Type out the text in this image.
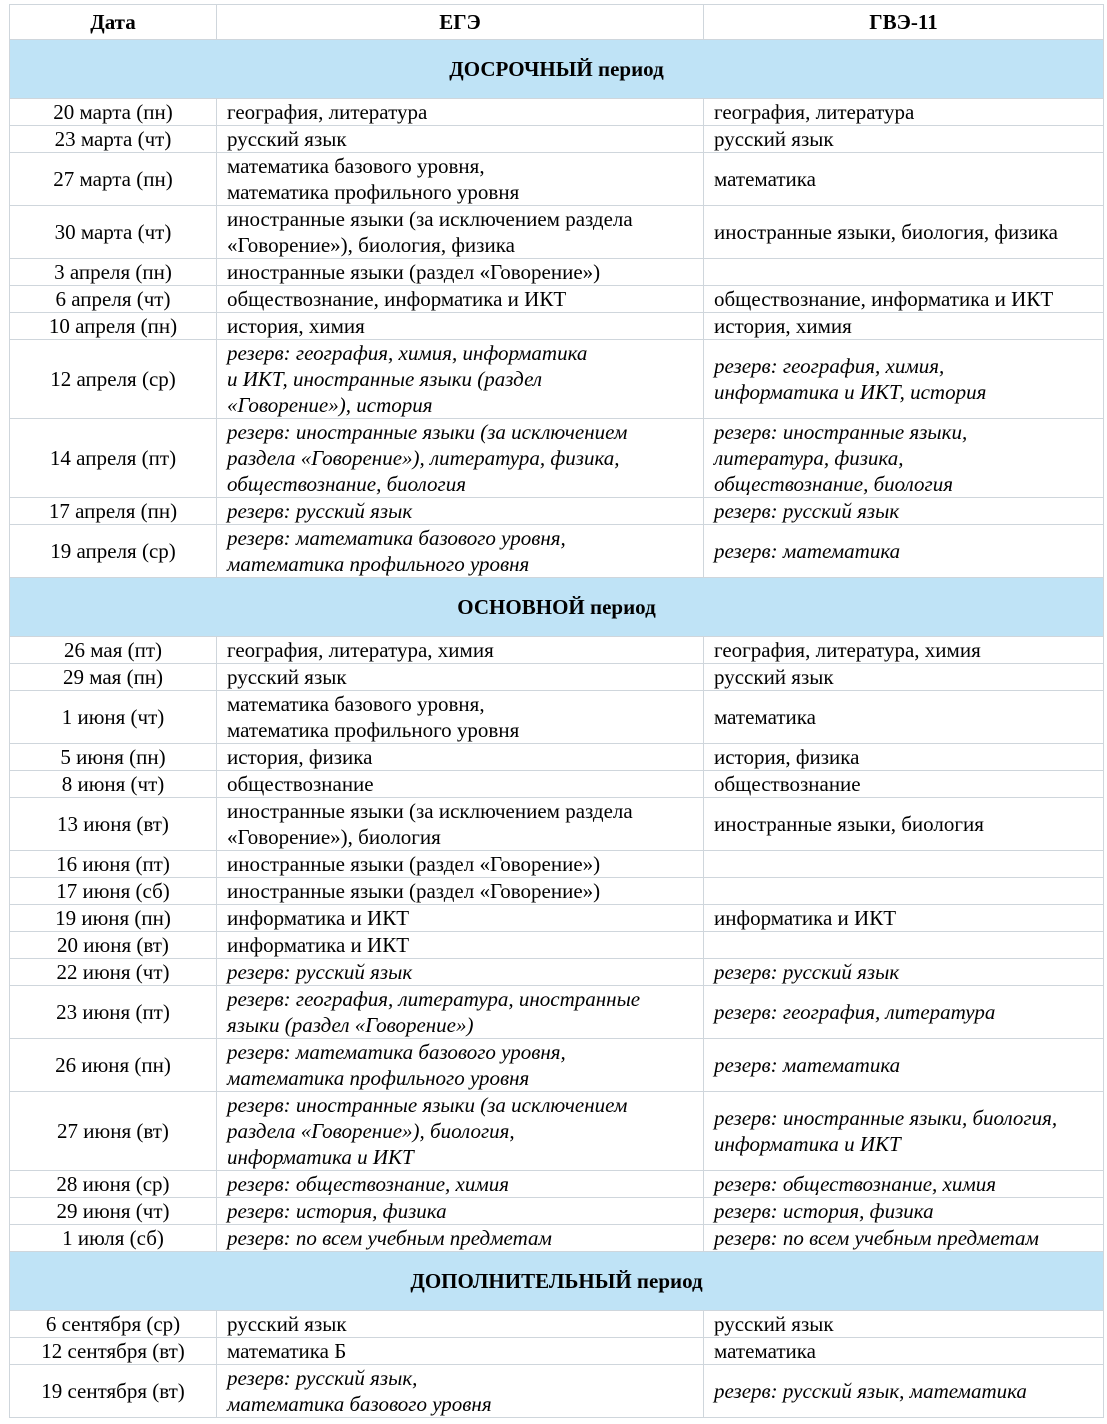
Дата	ЕГЭ	ГВЭ-11
ДОСРОЧНЫЙ период		
20 марта (пн)	география, литература	география, литература

23 марта (чт)	русский язык	русский язык

27 марта (пн)	математика базового уровня,
математика профильного уровня	математика

30 марта (чт)	иностранные языки (за исключением раздела
«Говорение»), биология, физика	иностранные языки, биология, физика

3 апреля (пн)	иностранные языки (раздел «Говорение»)	

6 апреля (чт)	обществознание, информатика и ИКТ	обществознание, информатика и ИКТ

10 апреля (пн)	история, химия	история, химия

12 апреля (ср)	резерв: география, химия, информатика
и ИКТ, иностранные языки (раздел
«Говорение»), история	резерв: география, химия,
информатика и ИКТ, история

14 апреля (пт)	резерв: иностранные языки (за исключением
раздела «Говорение»), литература, физика,
обществознание, биология	резерв: иностранные языки,
литература, физика,
обществознание, биология

17 апреля (пн)	резерв: русский язык	резерв: русский язык

19 апреля (ср)	резерв: математика базового уровня,
математика профильного уровня	резерв: математика

ОСНОВНОЙ период		
26 мая (пт)	география, литература, химия	география, литература, химия

29 мая (пн)	русский язык	русский язык

1 июня (чт)	математика базового уровня,
математика профильного уровня	математика

5 июня (пн)	история, физика	история, физика

8 июня (чт)	обществознание	обществознание

13 июня (вт)	иностранные языки (за исключением раздела
«Говорение»), биология	иностранные языки, биология

16 июня (пт)	иностранные языки (раздел «Говорение»)	

17 июня (сб)	иностранные языки (раздел «Говорение»)	

19 июня (пн)	информатика и ИКТ	информатика и ИКТ

20 июня (вт)	информатика и ИКТ	

22 июня (чт)	резерв: русский язык	резерв: русский язык

23 июня (пт)	резерв: география, литература, иностранные
языки (раздел «Говорение»)	резерв: география, литература

26 июня (пн)	резерв: математика базового уровня,
математика профильного уровня	резерв: математика

27 июня (вт)	резерв: иностранные языки (за исключением
раздела «Говорение»), биология,
информатика и ИКТ	резерв: иностранные языки, биология,
информатика и ИКТ

28 июня (ср)	резерв: обществознание, химия	резерв: обществознание, химия

29 июня (чт)	резерв: история, физика	резерв: история, физика

1 июля (сб)	резерв: по всем учебным предметам	резерв: по всем учебным предметам

ДОПОЛНИТЕЛЬНЫЙ период		
6 сентября (ср)	русский язык	русский язык

12 сентября (вт)	математика Б	математика

19 сентября (вт)	резерв: русский язык,
математика базового уровня	резерв: русский язык, математика
